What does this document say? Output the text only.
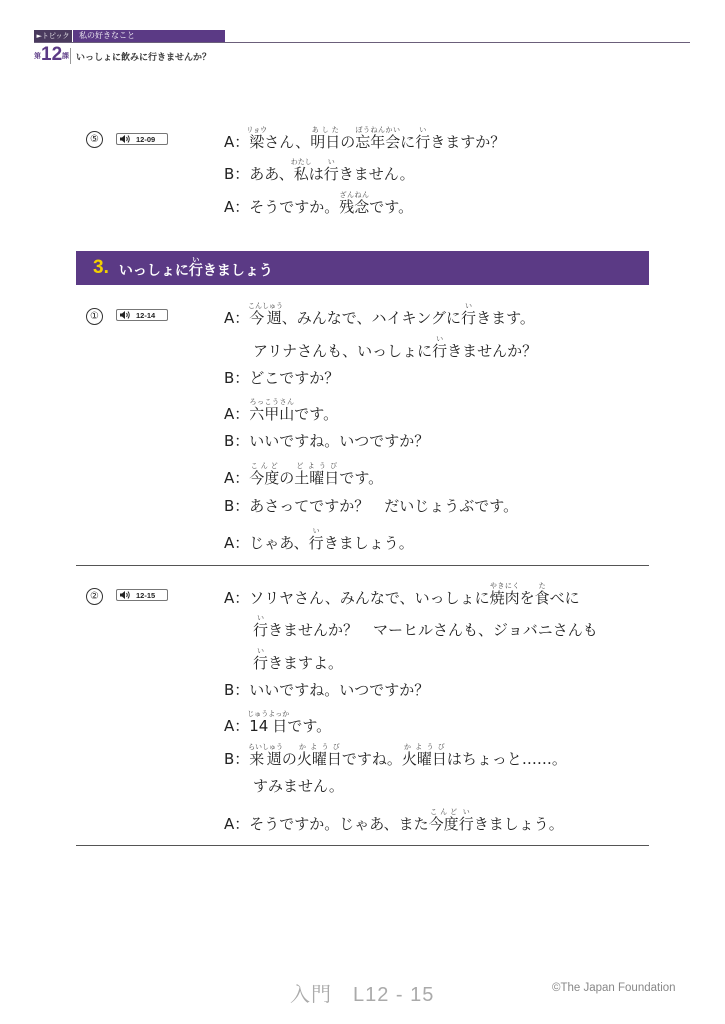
►トピック	私の好きなこと
第 12 課 いっしょに飲みに行きませんか？
⑤	12-09	A：梁リョウさん、明日あしたの忘年会ぼうねんかいに行いきますか？
B：ああ、私わたしは行いきません。
A：そうですか。残念ざんねんです。
3. いっしょに行いきましょう
①	12-14	A：今週こんしゅう、みんなで、ハイキングに行いきます。
アリナさんも、いっしょに行いきませんか？
B：どこですか？
A：六甲山ろっこうさんです。
B：いいですね。いつですか？
A：今度こんどの土曜日どようびです。
B：あさってですか？　だいじょうぶです。
A：じゃあ、行いきましょう。
②	12-15	A：ソリヤさん、みんなで、いっしょに焼肉やきにくを食たべに
行いきませんか？　マーヒルさんも、ジョバニさんも
行いきますよ。
B：いいですね。いつですか？
A：14日じゅうよっかです。
B：来週らいしゅうの火曜日かようびですね。火曜日かようびはちょっと……。
すみません。
A：そうですか。じゃあ、また今度こんど行いきましょう。
入門　L12 - 15	©The Japan Foundation
